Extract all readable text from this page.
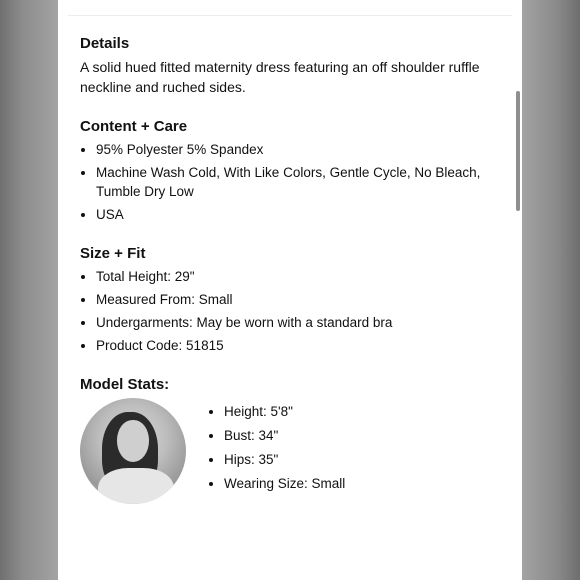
Details

A solid hued fitted maternity dress featuring an off shoulder ruffle neckline and ruched sides.

Content + Care
95% Polyester 5% Spandex
Machine Wash Cold, With Like Colors, Gentle Cycle, No Bleach, Tumble Dry Low
USA
Size + Fit
Total Height: 29"
Measured From: Small
Undergarments: May be worn with a standard bra
Product Code: 51815
Model Stats:
Height: 5'8"
Bust: 34"
Hips: 35"
Wearing Size: Small
